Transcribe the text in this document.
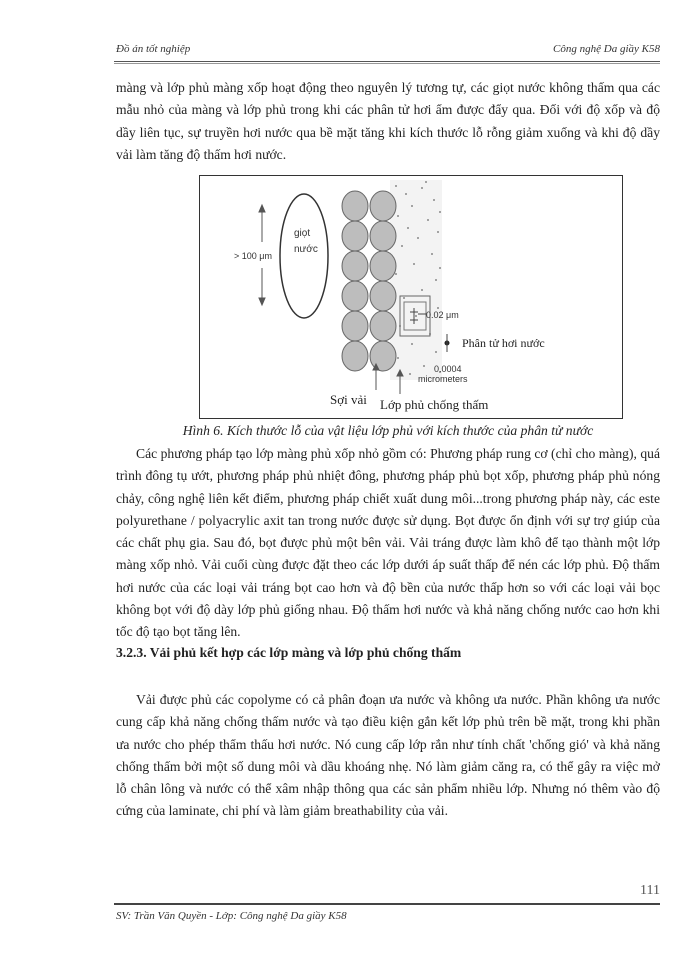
Đồ án tốt nghiệp	Công nghệ Da giầy K58

màng và lớp phủ màng xốp hoạt động theo nguyên lý tương tự, các giọt nước không thấm qua các mẫu nhỏ của màng và lớp phủ trong khi các phân tử hơi ẩm được đẩy qua. Đối với độ xốp và độ dầy liên tục, sự truyền hơi nước qua bề mặt tăng khi kích thước lỗ rỗng giảm xuống và khi độ dầy vải làm tăng độ thấm hơi nước.

giọt
nước
> 100 μm
0.02 μm
Phân tử hơi nước
0.0004
micrometers
Sợi vải Lớp phủ chống thấm

Hình 6. Kích thước lỗ của vật liệu lớp phủ với kích thước của phân tử nước

Các phương pháp tạo lớp màng phủ xốp nhỏ gồm có: Phương pháp rung cơ (chỉ cho màng), quá trình đông tụ ướt, phương pháp phủ nhiệt đông, phương pháp phủ bọt xốp, phương pháp phủ nóng chảy, công nghệ liên kết điểm, phương pháp chiết xuất dung môi...trong phương pháp này, các este polyurethane / polyacrylic axit tan trong nước được sử dụng. Bọt được ổn định với sự trợ giúp của các chất phụ gia. Sau đó, bọt được phủ một bên vải. Vải tráng được làm khô để tạo thành một lớp màng xốp nhỏ. Vải cuối cùng được đặt theo các lớp dưới áp suất thấp để nén các lớp phủ. Độ thấm hơi nước của các loại vải tráng bọt cao hơn và độ bền của nước thấp hơn so với các loại vải bọc không bọt với độ dày lớp phủ giống nhau. Độ thấm hơi nước và khả năng chống nước cao hơn khi tốc độ tạo bọt tăng lên.

3.2.3. Vải phủ kết hợp các lớp màng và lớp phủ chống thấm

Vải được phủ các copolyme có cả phân đoạn ưa nước và không ưa nước. Phần không ưa nước cung cấp khả năng chống thấm nước và tạo điều kiện gắn kết lớp phủ trên bề mặt, trong khi phần ưa nước cho phép thẩm thấu hơi nước. Nó cung cấp lớp rắn như tính chất 'chống gió' và khả năng chống thấm bởi một số dung môi và dầu khoáng nhẹ. Nó làm giảm căng ra, có thể gây ra việc mở lỗ chân lông và nước có thể xâm nhập thông qua các sản phẩm nhiều lớp. Nhưng nó thêm vào độ cứng của laminate, chi phí và làm giảm breathability của vải.

111
SV: Trần Văn Quyền - Lớp: Công nghệ Da giầy K58
